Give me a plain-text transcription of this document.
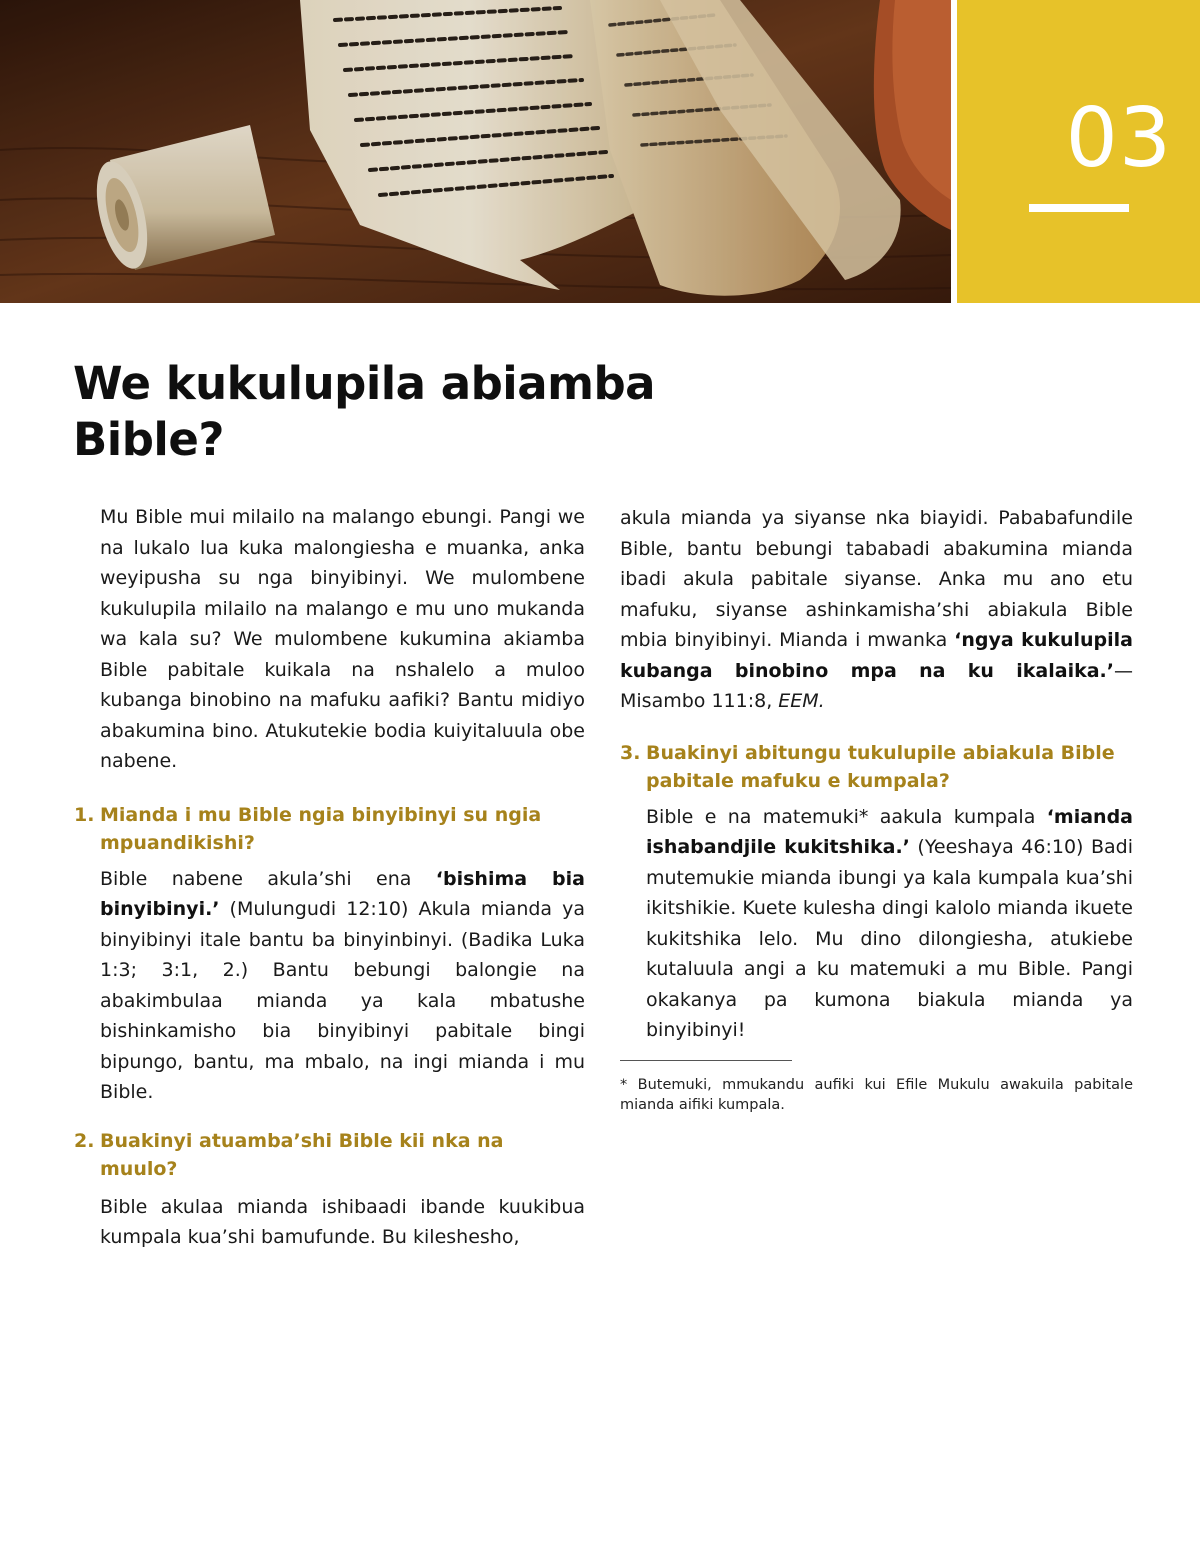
03
We kukulupila abiamba Bible?

Mu Bible mui milailo na malango ebungi. Pangi we na lukalo lua kuka malongiesha e muanka, anka weyipusha su nga binyibinyi. We mulombene kukulupila milailo na malango e mu uno mukanda wa kala su? We mulombene kukumina akiamba Bible pabitale kuikala na nshalelo a muloo kubanga binobino na mafuku aafiki? Bantu midiyo abakumina bino. Atukutekie bodia kuiyitaluula obe nabene.

1. Mianda i mu Bible ngia binyibinyi su ngia mpuandikishi?

Bible nabene akula’shi ena ‘bishima bia binyibinyi.’ (Mulungudi 12:10) Akula mianda ya binyibinyi itale bantu ba binyinbinyi. (Badika Luka 1:3; 3:1, 2.) Bantu bebungi balongie na abakimbulaa mianda ya kala mbatushe bishinkamisho bia binyibinyi pabitale bingi bipungo, bantu, ma mbalo, na ingi mianda i mu Bible.

2. Buakinyi atuamba’shi Bible kii nka na muulo?

Bible akulaa mianda ishibaadi ibande kuukibua kumpala kua’shi bamufunde. Bu kileshesho,

akula mianda ya siyanse nka biayidi. Pababafundile Bible, bantu bebungi tababadi abakumina mianda ibadi akula pabitale siyanse. Anka mu ano etu mafuku, siyanse ashinkamisha’shi abiakula Bible mbia binyibinyi. Mianda i mwanka ‘ngya kukulupila kubanga binobino mpa na ku ikalaika.’—Misambo 111:8, EEM.

3. Buakinyi abitungu tukulupile abiakula Bible pabitale mafuku e kumpala?

Bible e na matemuki* aakula kumpala ‘mianda ishabandjile kukitshika.’ (Yeeshaya 46:10) Badi mutemukie mianda ibungi ya kala kumpala kua’shi ikitshikie. Kuete kulesha dingi kalolo mianda ikuete kukitshika lelo. Mu dino dilongiesha, atukiebe kutaluula angi a ku matemuki a mu Bible. Pangi okakanya pa kumona biakula mianda ya binyibinyi!

* Butemuki, mmukandu aufiki kui Efile Mukulu awakuila pabitale mianda aifiki kumpala.
